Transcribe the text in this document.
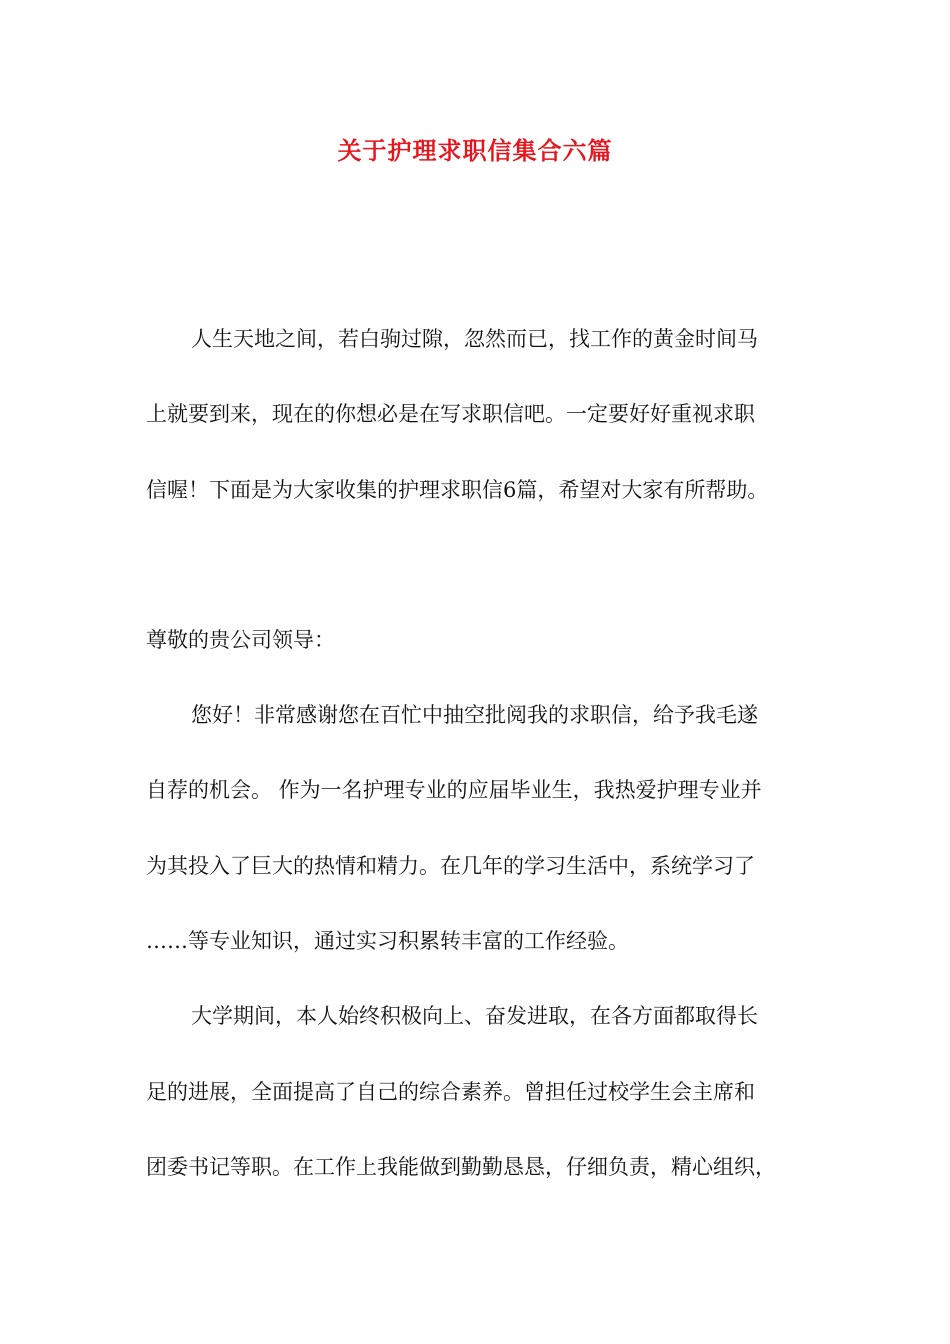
关于护理求职信集合六篇
人生天地之间，若白驹过隙，忽然而已，找工作的黄金时间马
上就要到来，现在的你想必是在写求职信吧。一定要好好重视求职
信喔！下面是为大家收集的护理求职信6篇，希望对大家有所帮助。
尊敬的贵公司领导：
您好！非常感谢您在百忙中抽空批阅我的求职信，给予我毛遂
自荐的机会。 作为一名护理专业的应届毕业生，我热爱护理专业并
为其投入了巨大的热情和精力。在几年的学习生活中，系统学习了
……等专业知识，通过实习积累转丰富的工作经验。
大学期间，本人始终积极向上、奋发进取，在各方面都取得长
足的进展，全面提高了自己的综合素养。曾担任过校学生会主席和
团委书记等职。在工作上我能做到勤勤恳恳，仔细负责，精心组织，
